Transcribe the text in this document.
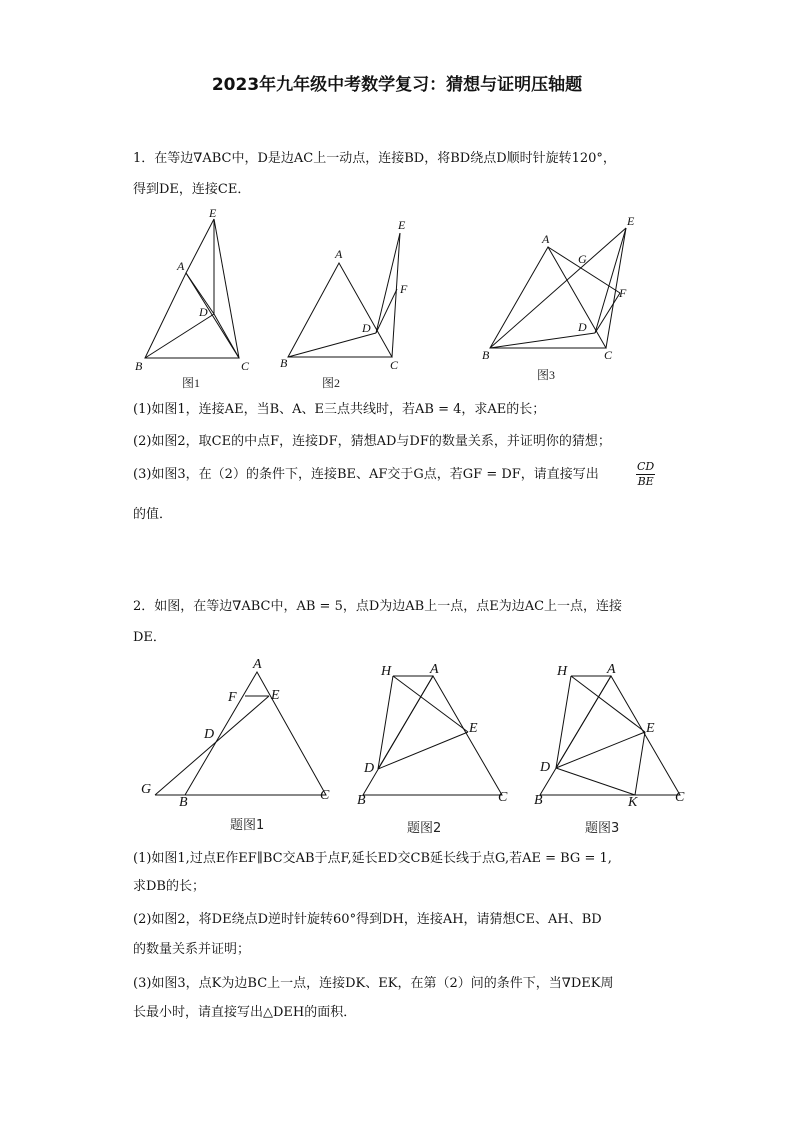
2023年九年级中考数学复习：猜想与证明压轴题
1．在等边∇ABC中，D是边AC上一动点，连接BD，将BD绕点D顺时针旋转120°，
得到DE，连接CE．
E
A
D
B	C
图1
A
E
F
D
B	C
图2
A
E
G
F
D
B	C
图3
(1)如图1，连接AE，当B、A、E三点共线时，若AB = 4，求AE的长；
(2)如图2，取CE的中点F，连接DF，猜想AD与DF的数量关系，并证明你的猜想；
(3)如图3，在（2）的条件下，连接BE、AF交于G点，若GF = DF，请直接写出	$\frac{CD}{BE}$
的值．
2．如图，在等边∇ABC中，AB = 5，点D为边AB上一点，点E为边AC上一点，连接
DE．
A
F E
D
G
B	C
题图1
H	A
E
D
B	C
题图2
H	A
E
D
B	K	C
题图3
(1)如图1,过点E作EF∥BC交AB于点F,延长ED交CB延长线于点G,若AE = BG = 1,
求DB的长；
(2)如图2，将DE绕点D逆时针旋转60°得到DH，连接AH，请猜想CE、AH、BD
的数量关系并证明；
(3)如图3，点K为边BC上一点，连接DK、EK，在第（2）问的条件下，当∇DEK周
长最小时，请直接写出△DEH的面积．
